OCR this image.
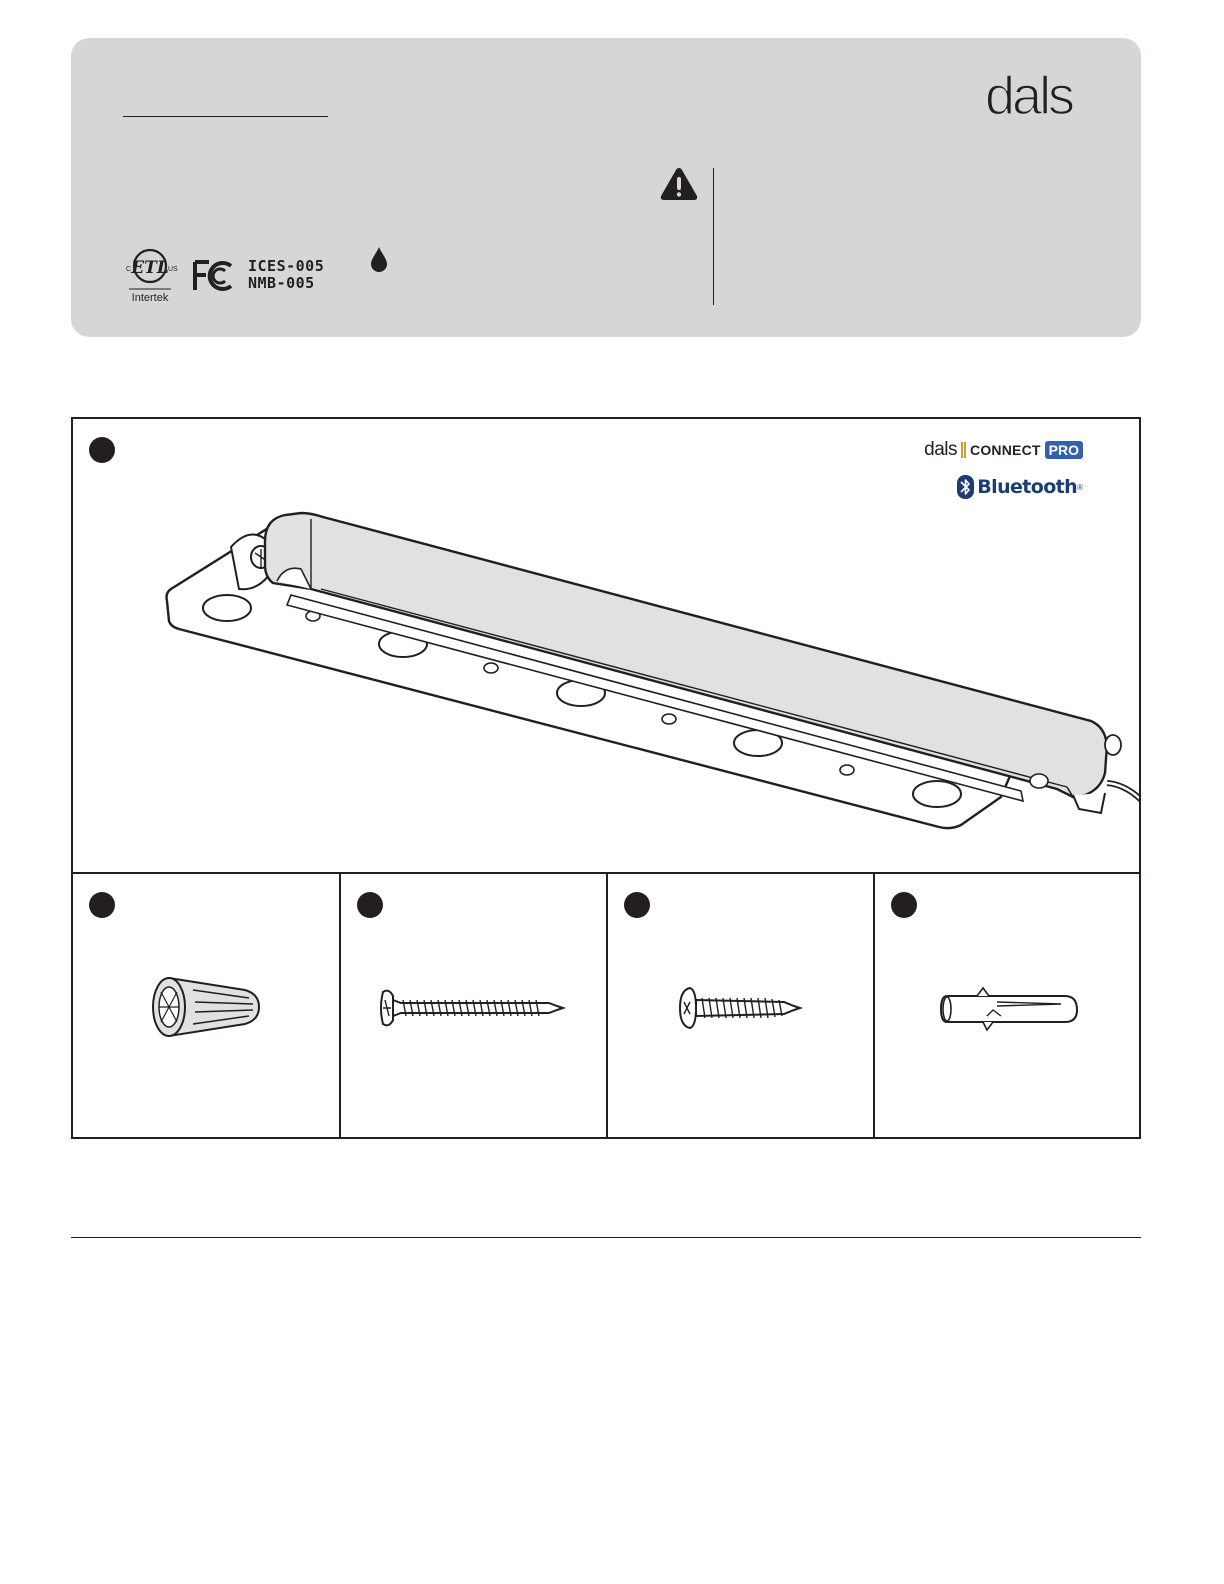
dals
ETL
C	US
Intertek
FC	ICES-005
NMB-005
dals CONNECT PRO
Bluetooth ®
